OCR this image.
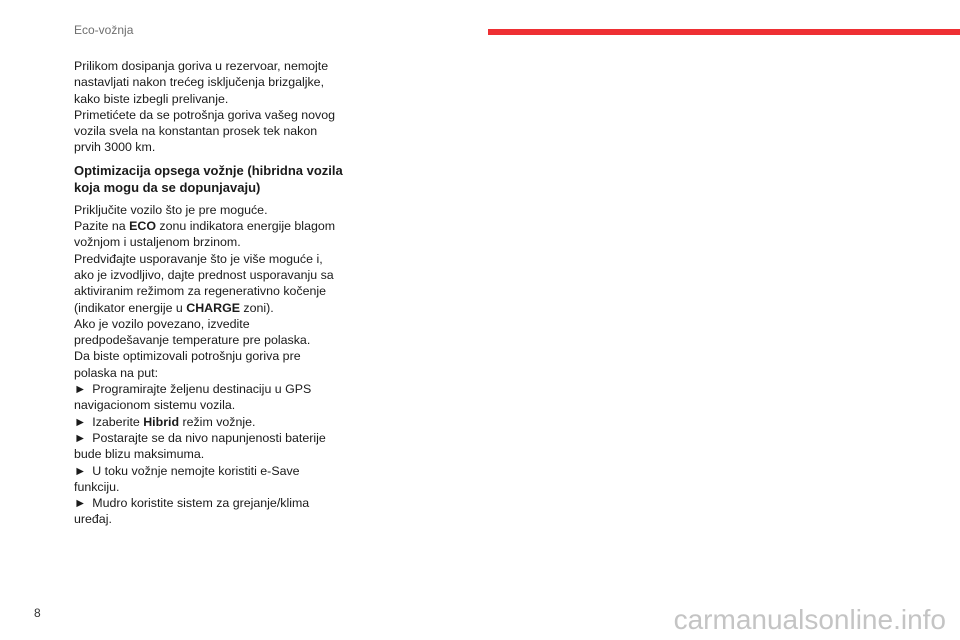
Eco-vožnja

Prilikom dosipanja goriva u rezervoar, nemojte nastavljati nakon trećeg isključenja brizgaljke, kako biste izbegli prelivanje.

Primetićete da se potrošnja goriva vašeg novog vozila svela na konstantan prosek tek nakon prvih 3000 km.

Optimizacija opsega vožnje (hibridna vozila koja mogu da se dopunjavaju)

Priključite vozilo što je pre moguće.

Pazite na ECO zonu indikatora energije blagom vožnjom i ustaljenom brzinom.

Predviđajte usporavanje što je više moguće i, ako je izvodljivo, dajte prednost usporavanju sa aktiviranim režimom za regenerativno kočenje (indikator energije u CHARGE zoni).

Ako je vozilo povezano, izvedite predpodešavanje temperature pre polaska.

Da biste optimizovali potrošnju goriva pre polaska na put:

► Programirajte željenu destinaciju u GPS navigacionom sistemu vozila.

► Izaberite Hibrid režim vožnje.

► Postarajte se da nivo napunjenosti baterije bude blizu maksimuma.

► U toku vožnje nemojte koristiti e-Save funkciju.

► Mudro koristite sistem za grejanje/klima uređaj.

8	carmanualsonline.info
